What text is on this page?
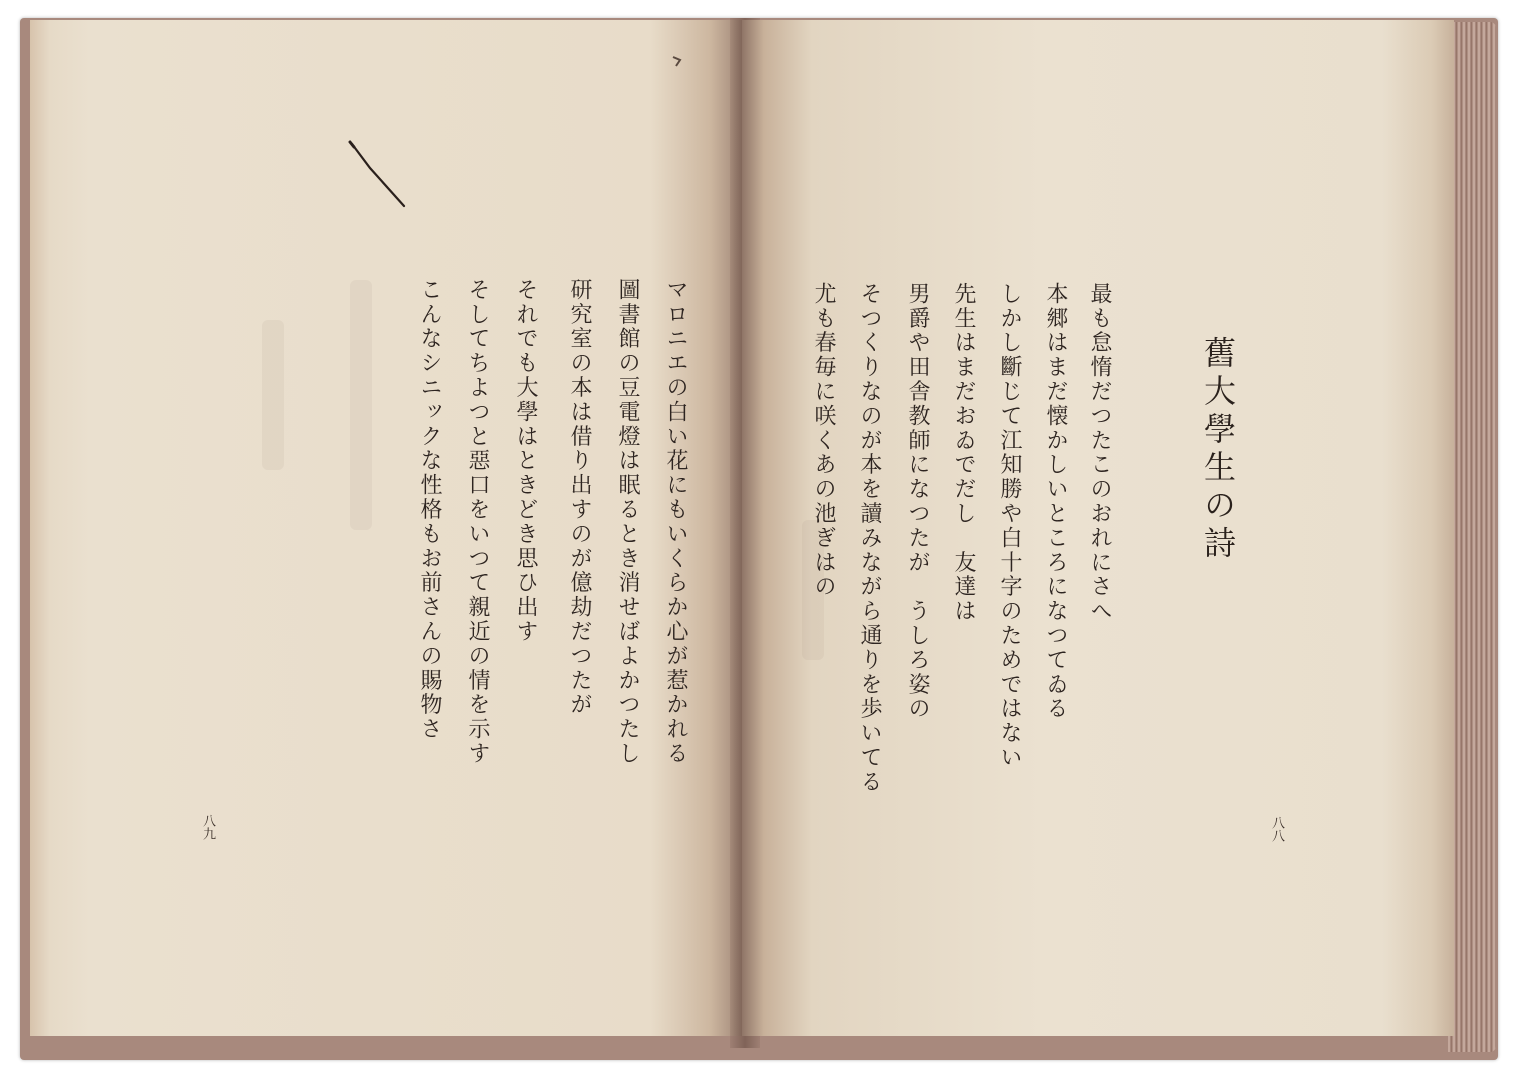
マロニエの白い花にもいくらか心が惹かれる
圖書館の豆電燈は眠るとき消せばよかつたし
研究室の本は借り出すのが億劫だつたが
それでも大學はときどき思ひ出す
そしてちよつと惡口をいつて親近の情を示す
こんなシニックな性格もお前さんの賜物さ
八九
舊大學生の詩
最も怠惰だつたこのおれにさへ
本郷はまだ懐かしいところになつてゐる
しかし斷じて江知勝や白十字のためではない
先生はまだおゐでだし　友達は
男爵や田舎教師になつたが　うしろ姿の
そつくりなのが本を讀みながら通りを歩いてる
尤も春毎に咲くあの池ぎはの
八八
